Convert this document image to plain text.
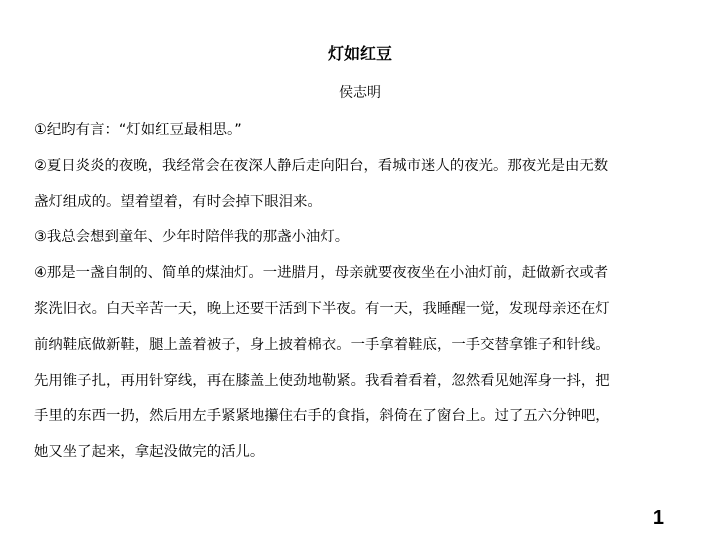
灯如红豆
侯志明
①纪昀有言：“灯如红豆最相思。”
②夏日炎炎的夜晚，我经常会在夜深人静后走向阳台，看城市迷人的夜光。那夜光是由无数
盏灯组成的。望着望着，有时会掉下眼泪来。
③我总会想到童年、少年时陪伴我的那盏小油灯。
④那是一盏自制的、简单的煤油灯。一进腊月，母亲就要夜夜坐在小油灯前，赶做新衣或者
浆洗旧衣。白天辛苦一天，晚上还要干活到下半夜。有一天，我睡醒一觉，发现母亲还在灯
前纳鞋底做新鞋，腿上盖着被子，身上披着棉衣。一手拿着鞋底，一手交替拿锥子和针线。
先用锥子扎，再用针穿线，再在膝盖上使劲地勒紧。我看着看着，忽然看见她浑身一抖，把
手里的东西一扔，然后用左手紧紧地攥住右手的食指，斜倚在了窗台上。过了五六分钟吧，
她又坐了起来，拿起没做完的活儿。
1
